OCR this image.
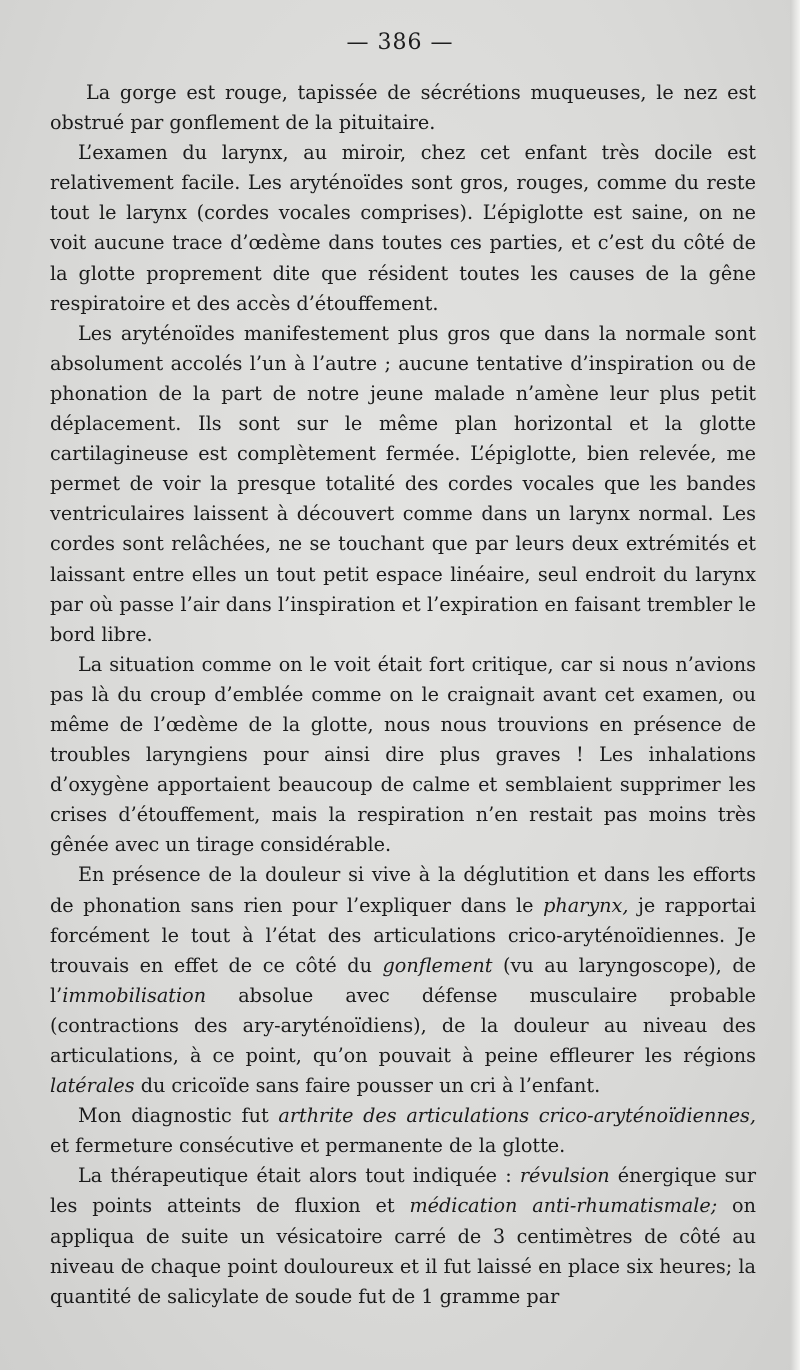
— 386 —

La gorge est rouge, tapissée de sécrétions muqueuses, le nez est obstrué par gonflement de la pituitaire.

L’examen du larynx, au miroir, chez cet enfant très docile est relativement facile. Les aryténoïdes sont gros, rouges, comme du reste tout le larynx (cordes vocales comprises). L’épiglotte est saine, on ne voit aucune trace d’œdème dans toutes ces parties, et c’est du côté de la glotte proprement dite que résident toutes les causes de la gêne respiratoire et des accès d’étouffement.

Les aryténoïdes manifestement plus gros que dans la normale sont absolument accolés l’un à l’autre ; aucune tentative d’inspiration ou de phonation de la part de notre jeune malade n’amène leur plus petit déplacement. Ils sont sur le même plan horizontal et la glotte cartilagineuse est complètement fermée. L’épiglotte, bien relevée, me permet de voir la presque totalité des cordes vocales que les bandes ventriculaires laissent à découvert comme dans un larynx normal. Les cordes sont relâchées, ne se touchant que par leurs deux extrémités et laissant entre elles un tout petit espace linéaire, seul endroit du larynx par où passe l’air dans l’inspiration et l’expiration en faisant trembler le bord libre.

La situation comme on le voit était fort critique, car si nous n’avions pas là du croup d’emblée comme on le craignait avant cet examen, ou même de l’œdème de la glotte, nous nous trouvions en présence de troubles laryngiens pour ainsi dire plus graves ! Les inhalations d’oxygène apportaient beaucoup de calme et semblaient supprimer les crises d’étouffement, mais la respiration n’en restait pas moins très gênée avec un tirage considérable.

En présence de la douleur si vive à la déglutition et dans les efforts de phonation sans rien pour l’expliquer dans le pharynx, je rapportai forcément le tout à l’état des articulations crico-aryténoïdiennes. Je trouvais en effet de ce côté du gonflement (vu au laryngoscope), de l’immobilisation absolue avec défense musculaire probable (contractions des ary-aryténoïdiens), de la douleur au niveau des articulations, à ce point, qu’on pouvait à peine effleurer les régions latérales du cricoïde sans faire pousser un cri à l’enfant.

Mon diagnostic fut arthrite des articulations crico-aryténoïdiennes, et fermeture consécutive et permanente de la glotte.

La thérapeutique était alors tout indiquée : révulsion énergique sur les points atteints de fluxion et médication anti-rhumatismale; on appliqua de suite un vésicatoire carré de 3 centimètres de côté au niveau de chaque point douloureux et il fut laissé en place six heures; la quantité de salicylate de soude fut de 1 gramme par
